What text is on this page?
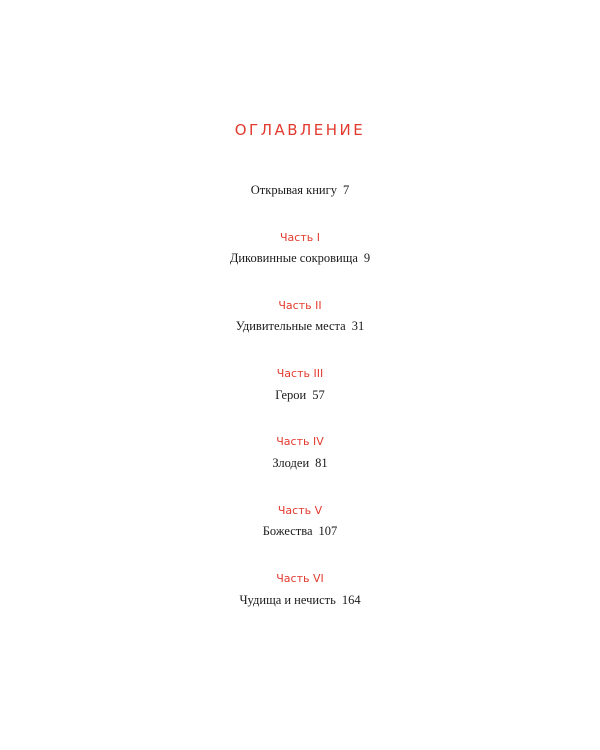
ОГЛАВЛЕНИЕ
Открывая книгу 7
Часть I
Диковинные сокровища 9
Часть II
Удивительные места 31
Часть III
Герои 57
Часть IV
Злодеи 81
Часть V
Божества 107
Часть VI
Чудища и нечисть 164
